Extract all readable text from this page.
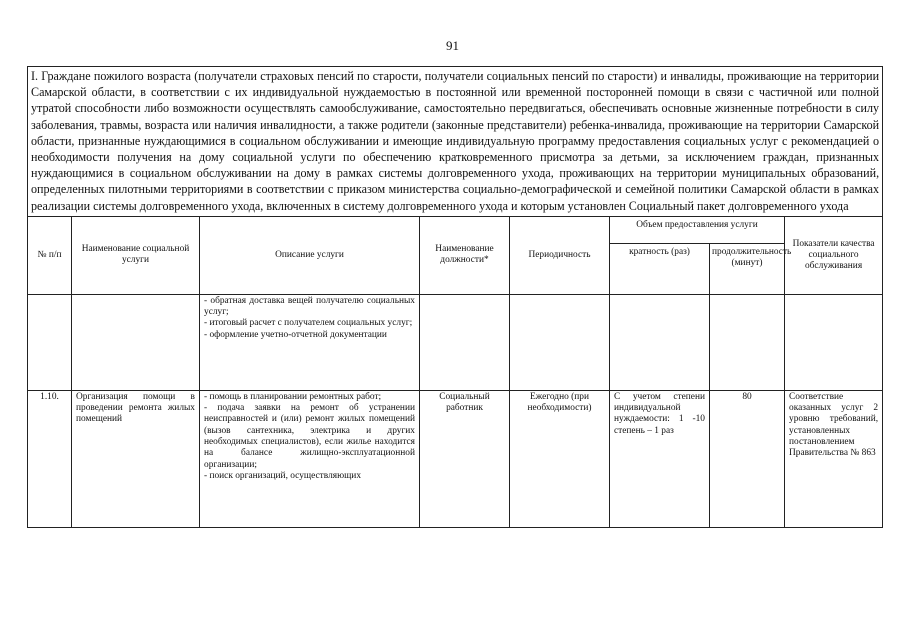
91
I. Граждане пожилого возраста (получатели страховых пенсий по старости, получатели социальных пенсий по старости) и инвалиды, проживающие на территории Самарской области, в соответствии с их индивидуальной нуждаемостью в постоянной или временной посторонней помощи в связи с частичной или полной утратой способности либо возможности осуществлять самообслуживание, самостоятельно передвигаться, обеспечивать основные жизненные потребности в силу заболевания, травмы, возраста или наличия инвалидности, а также родители (законные представители) ребенка-инвалида, проживающие на территории Самарской области, признанные нуждающимися в социальном обслуживании и имеющие индивидуальную программу предоставления социальных услуг с рекомендацией о необходимости получения на дому социальной услуги по обеспечению кратковременного присмотра за детьми, за исключением граждан, признанных нуждающимися в социальном обслуживании на дому в рамках системы долговременного ухода, проживающих на территории муниципальных образований, определенных пилотными территориями в соответствии с приказом министерства социально-демографической и семейной политики Самарской области в рамках реализации системы долговременного ухода, включенных в систему долговременного ухода и которым установлен Социальный пакет долговременного ухода							
№ п/п	Наименование социальной услуги	Описание услуги	Наименование должности*	Периодичность	Объем предоставления услуги		Показатели качества социального обслуживания
					кратность (раз)	продолжительность (минут)	

		- обратная доставка вещей получателю социальных услуг;
- итоговый расчет с получателем социальных услуг;
- оформление учетно-отчетной документации					

1.10.	Организация помощи в проведении ремонта жилых помещений	- помощь в планировании ремонтных работ;
- подача заявки на ремонт об устранении неисправностей и (или) ремонт жилых помещений (вызов сантехника, электрика и других необходимых специалистов), если жилье находится на балансе жилищно-эксплуатационной организации;
- поиск организаций, осуществляющих	Социальный работник	Ежегодно (при необходимости)	С учетом степени индивидуальной нуждаемости: 1 -10 степень – 1 раз	80	Соответствие оказанных услуг 2 уровню требований, установленных постановлением Правительства № 863
